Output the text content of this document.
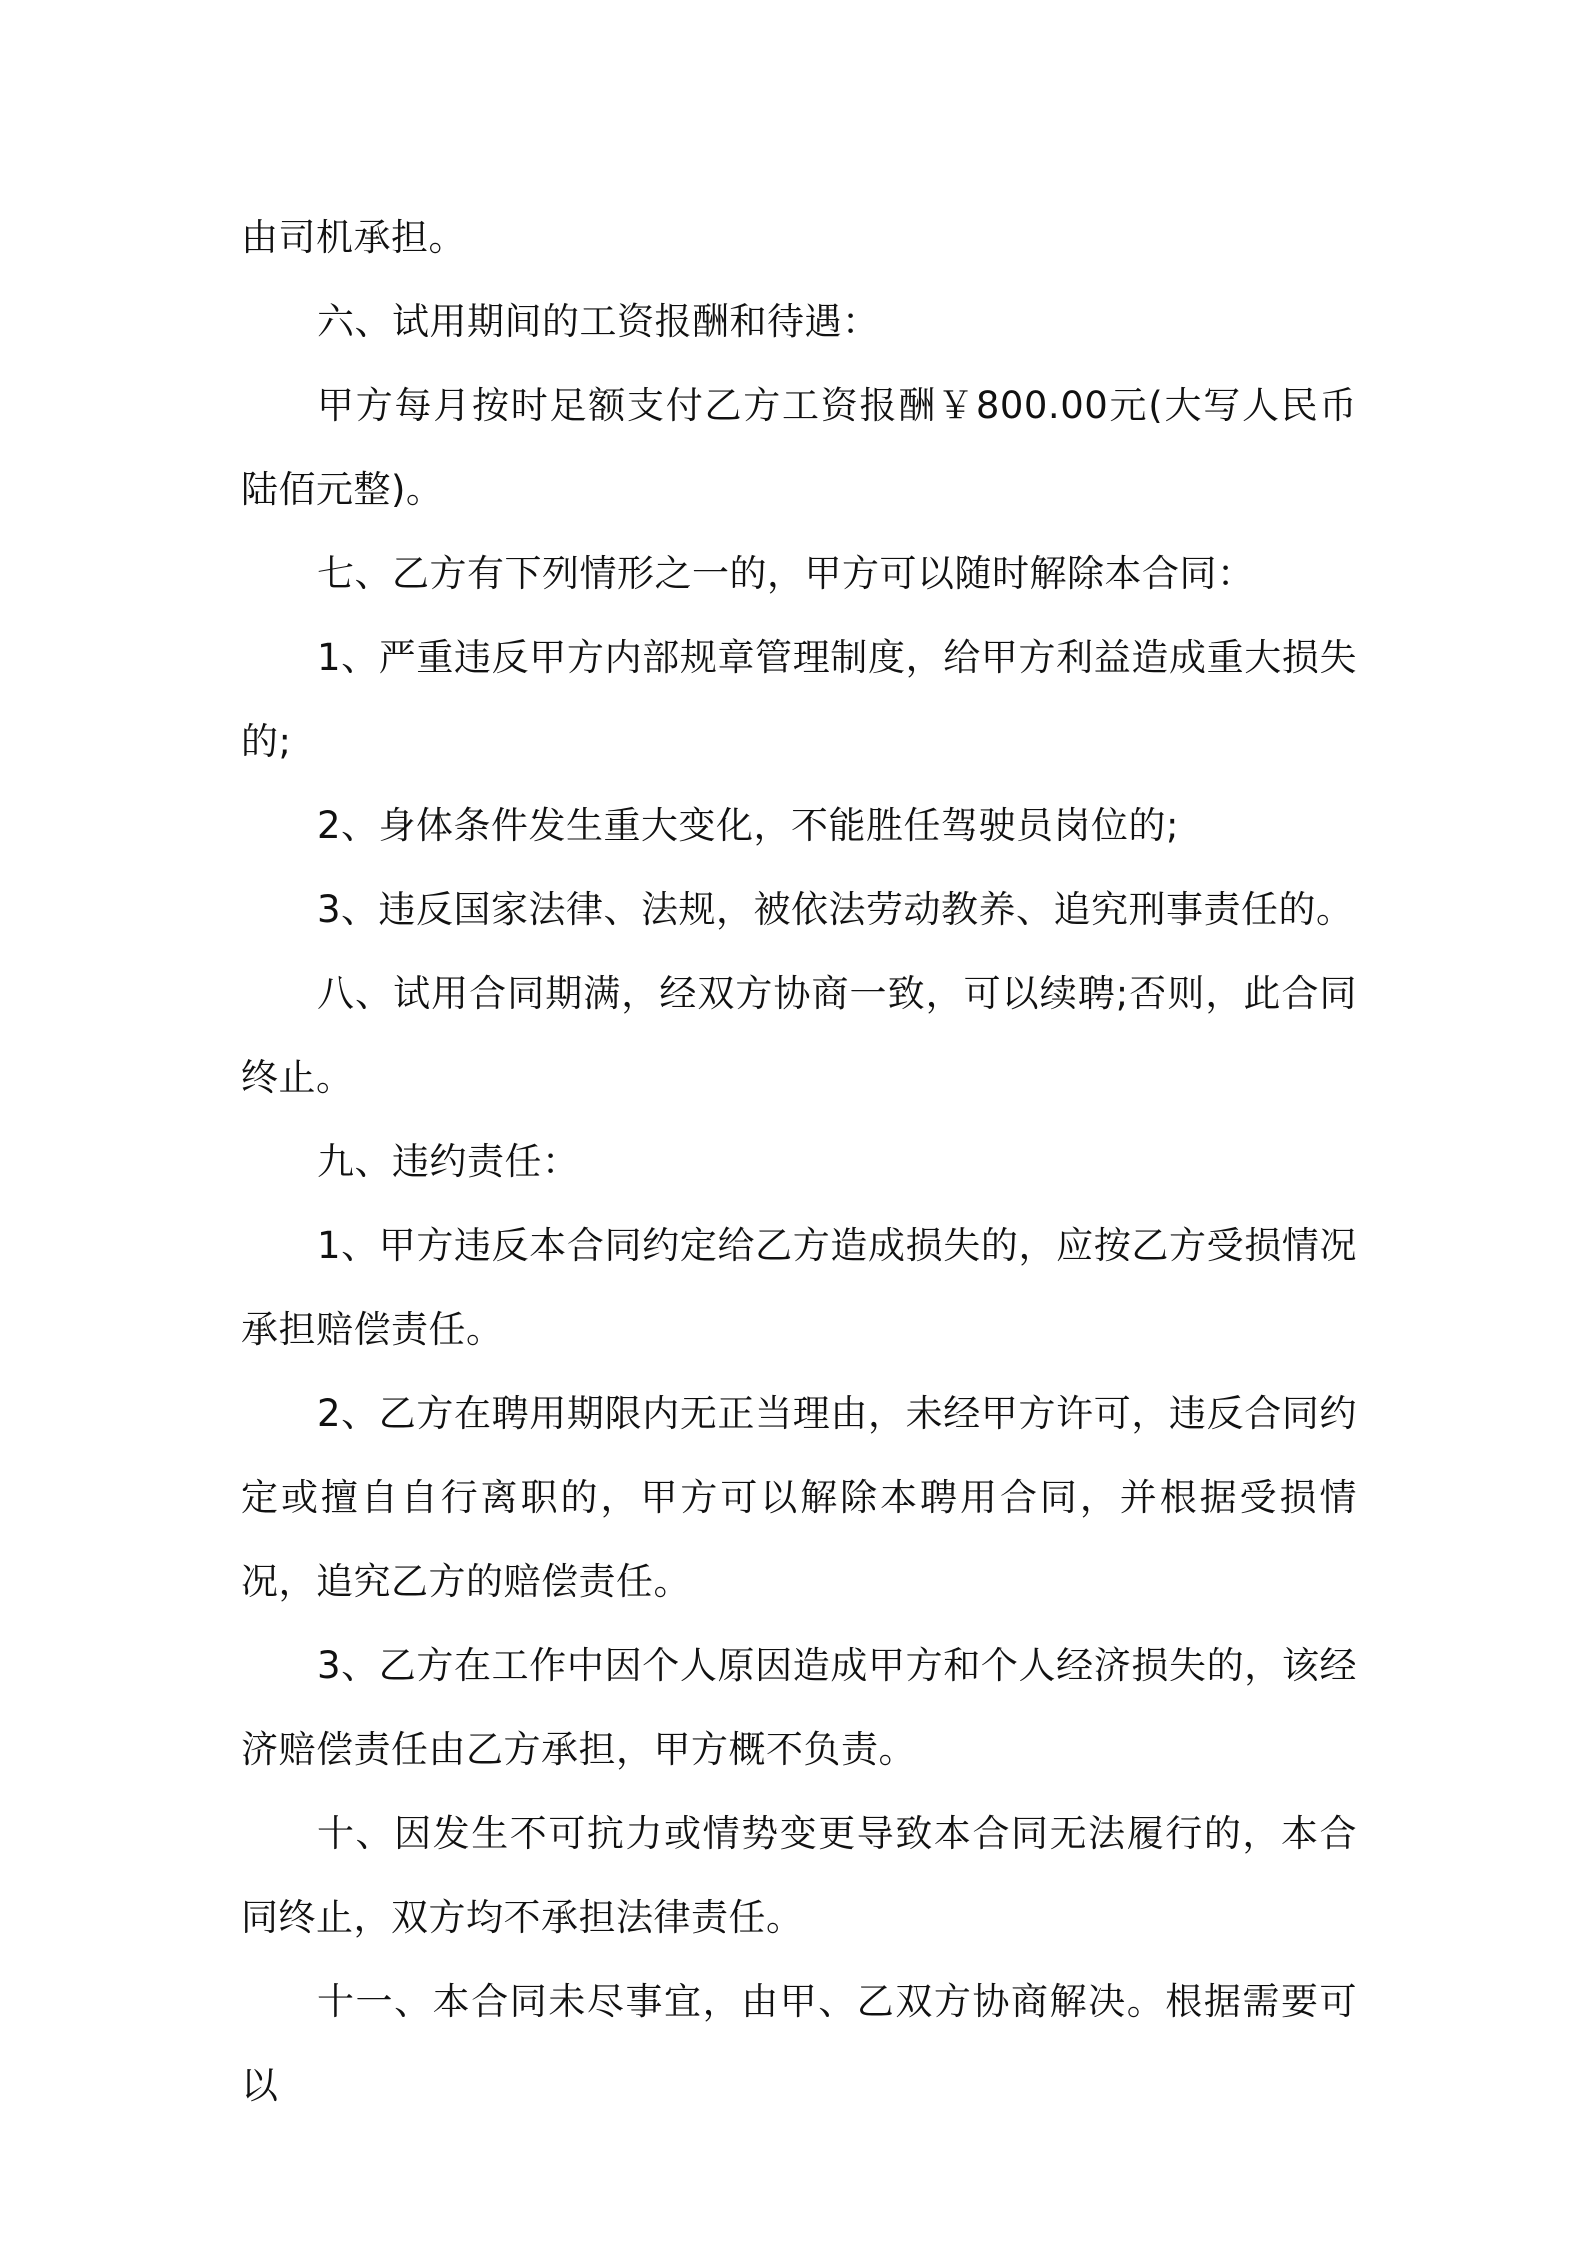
由司机承担。

六、试用期间的工资报酬和待遇：

甲方每月按时足额支付乙方工资报酬￥800.00元(大写人民币陆佰元整)。

七、乙方有下列情形之一的，甲方可以随时解除本合同：

1、严重违反甲方内部规章管理制度，给甲方利益造成重大损失的;

2、身体条件发生重大变化，不能胜任驾驶员岗位的;

3、违反国家法律、法规，被依法劳动教养、追究刑事责任的。

八、试用合同期满，经双方协商一致，可以续聘;否则，此合同终止。

九、违约责任：

1、甲方违反本合同约定给乙方造成损失的，应按乙方受损情况承担赔偿责任。

2、乙方在聘用期限内无正当理由，未经甲方许可，违反合同约定或擅自自行离职的，甲方可以解除本聘用合同，并根据受损情况，追究乙方的赔偿责任。

3、乙方在工作中因个人原因造成甲方和个人经济损失的，该经济赔偿责任由乙方承担，甲方概不负责。

十、因发生不可抗力或情势变更导致本合同无法履行的，本合同终止，双方均不承担法律责任。

十一、本合同未尽事宜，由甲、乙双方协商解决。根据需要可以
